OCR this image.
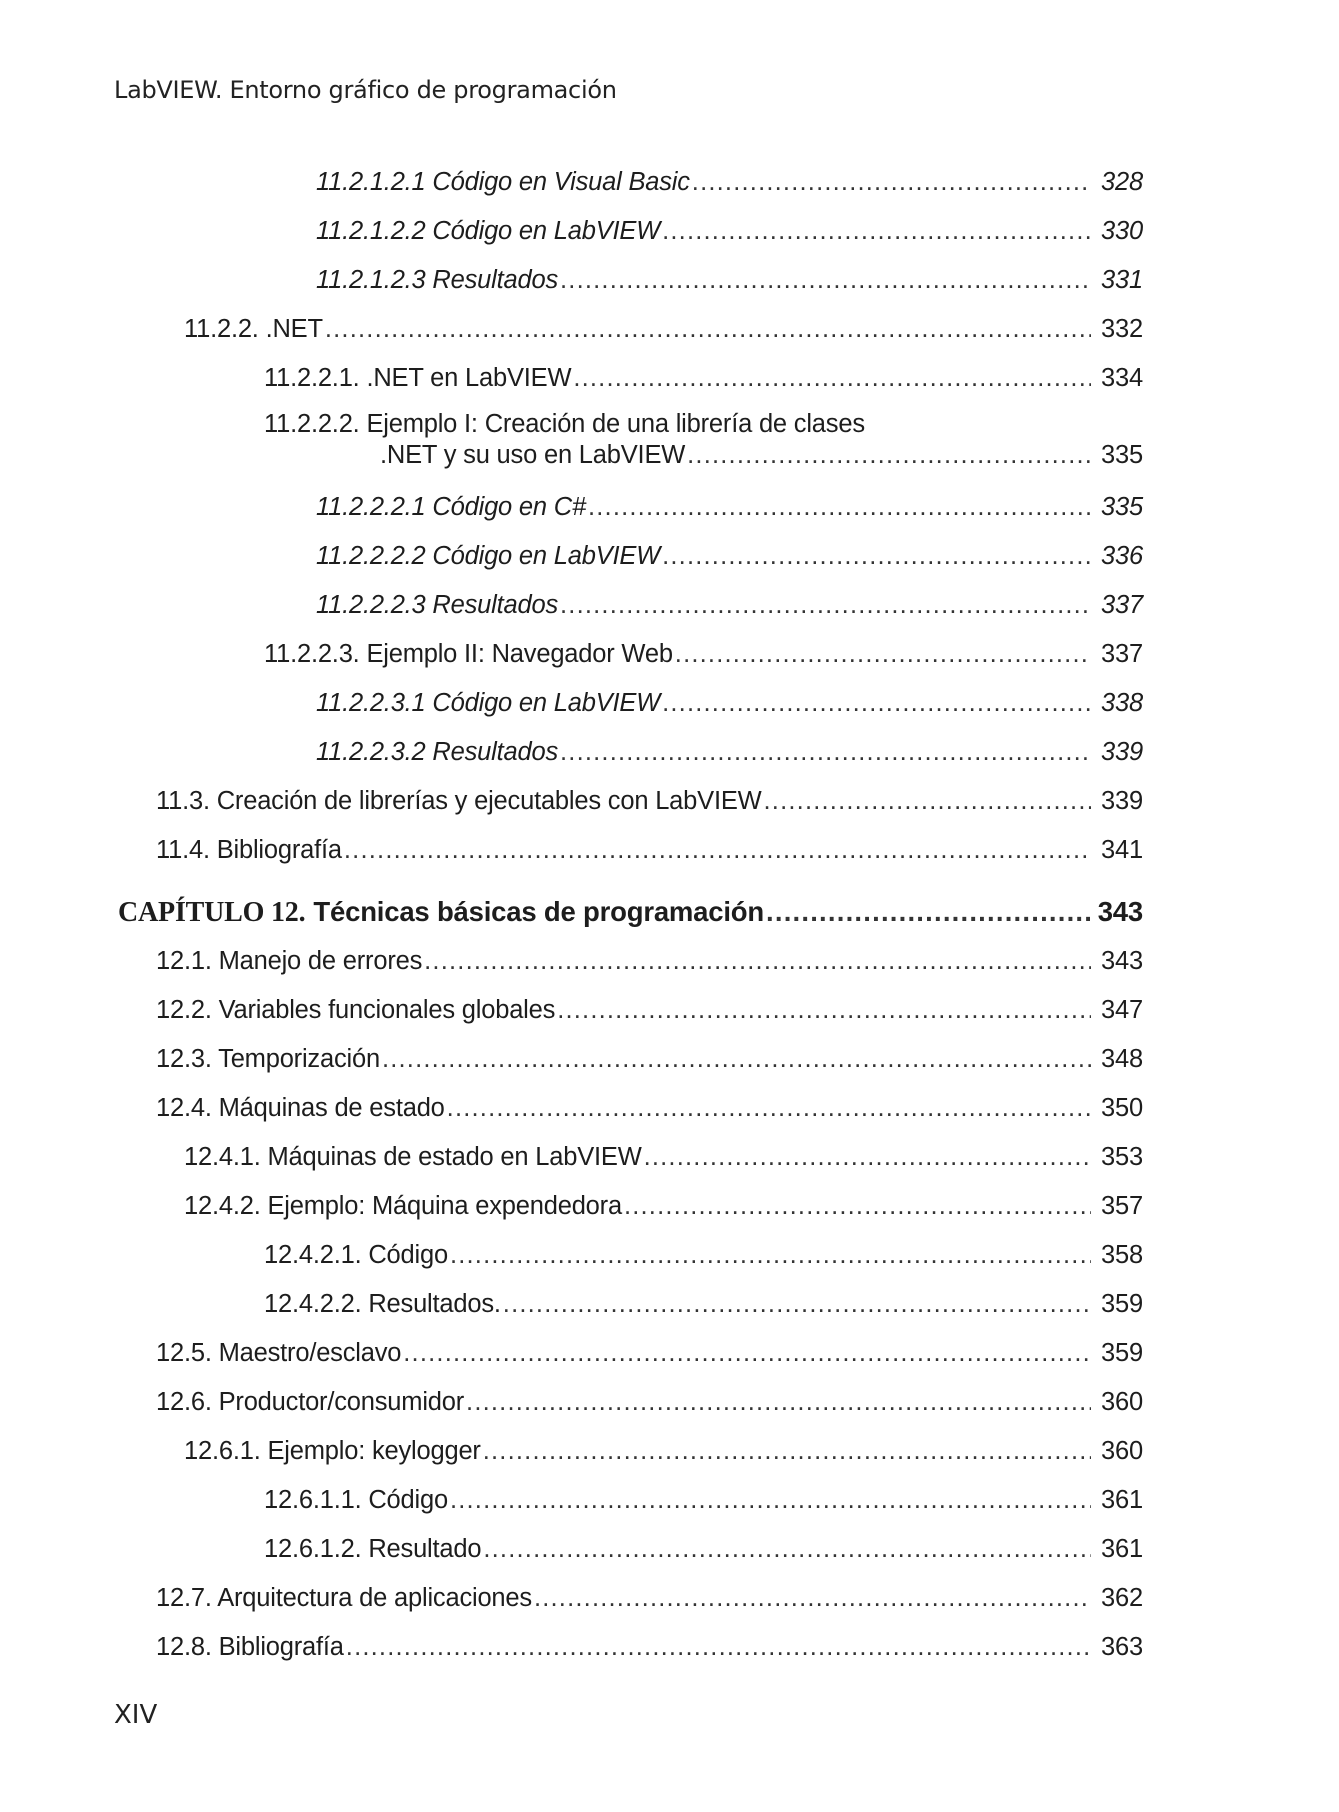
LabVIEW. Entorno gráfico de programación
11.2.1.2.1 Código en Visual Basic .....	328
11.2.1.2.2 Código en LabVIEW .....	330
11.2.1.2.3 Resultados .....	331
11.2.2. .NET .....	332
11.2.2.1. .NET en LabVIEW .....	334
11.2.2.2. Ejemplo I: Creación de una librería de clases
.NET y su uso en LabVIEW .....	335
11.2.2.2.1 Código en C# .....	335
11.2.2.2.2 Código en LabVIEW .....	336
11.2.2.2.3 Resultados .....	337
11.2.2.3. Ejemplo II: Navegador Web .....	337
11.2.2.3.1 Código en LabVIEW .....	338
11.2.2.3.2 Resultados .....	339
11.3. Creación de librerías y ejecutables con LabVIEW .....	339
11.4. Bibliografía .....	341
CAPÍTULO 12. Técnicas básicas de programación .....	343
12.1. Manejo de errores .....	343
12.2. Variables funcionales globales .....	347
12.3. Temporización .....	348
12.4. Máquinas de estado .....	350
12.4.1. Máquinas de estado en LabVIEW .....	353
12.4.2. Ejemplo: Máquina expendedora .....	357
12.4.2.1. Código .....	358
12.4.2.2. Resultados. .....	359
12.5. Maestro/esclavo .....	359
12.6. Productor/consumidor .....	360
12.6.1. Ejemplo: keylogger .....	360
12.6.1.1. Código .....	361
12.6.1.2. Resultado .....	361
12.7. Arquitectura de aplicaciones .....	362
12.8. Bibliografía .....	363
XIV
